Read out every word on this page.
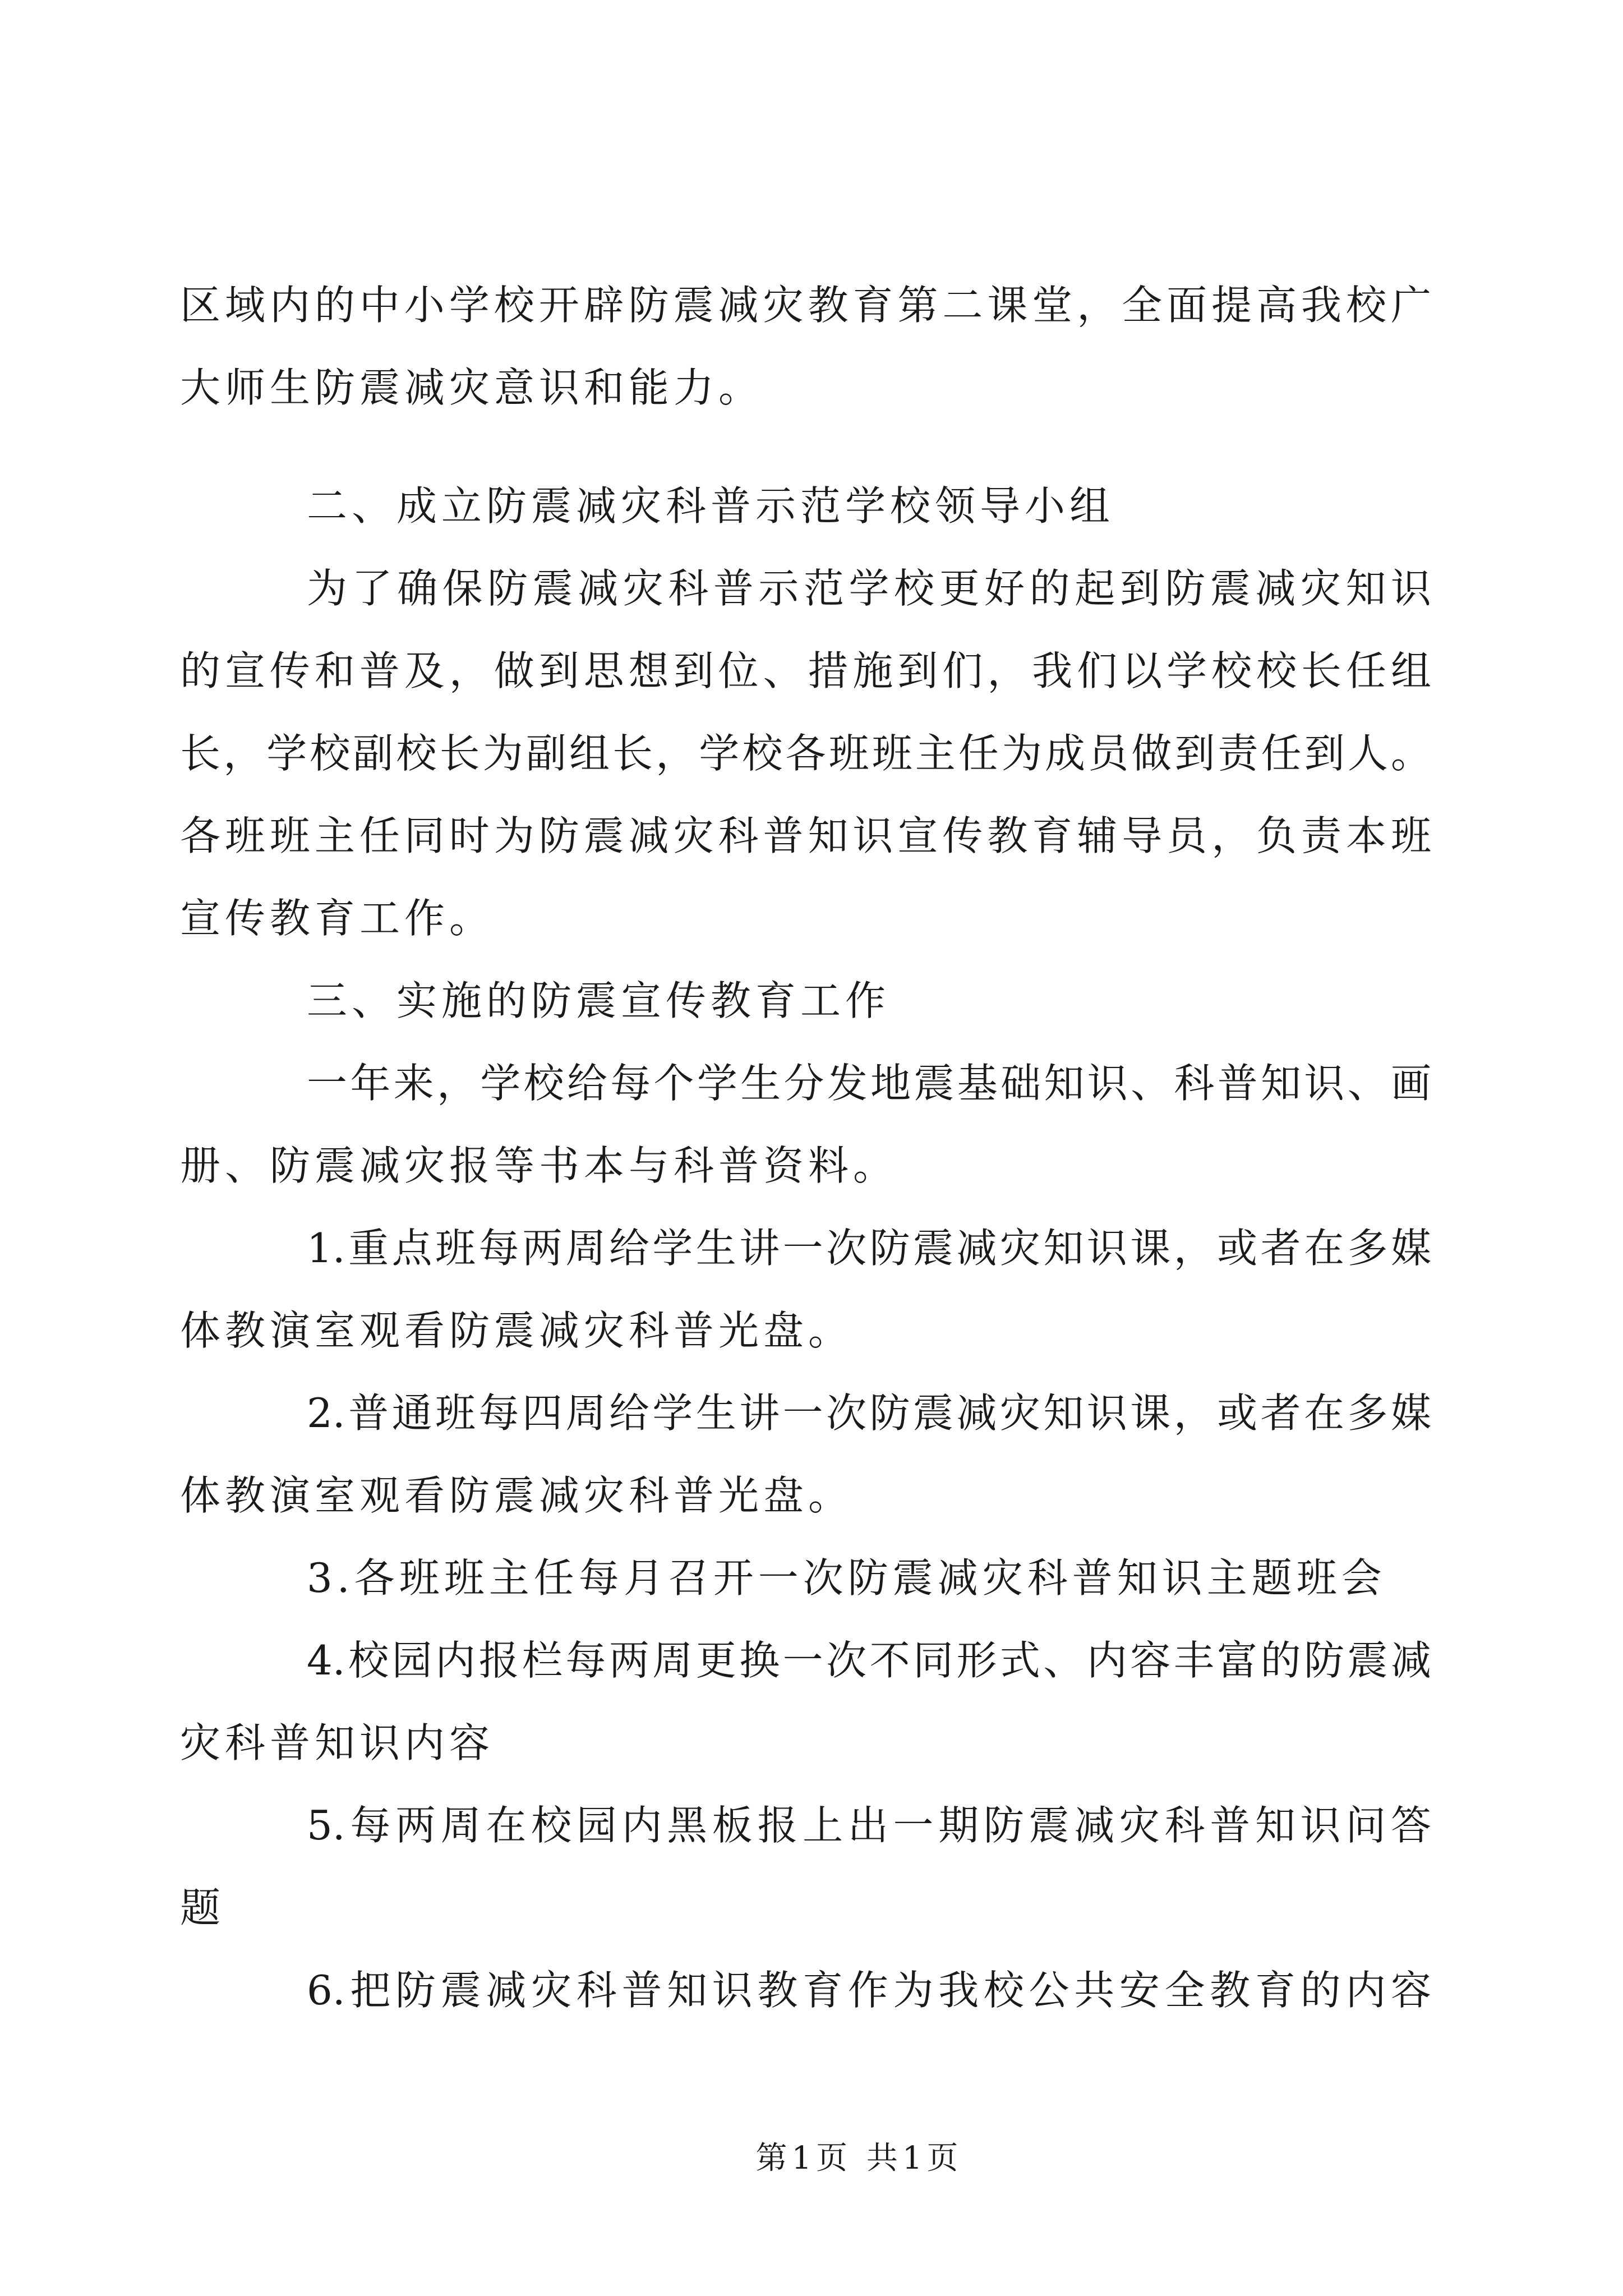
区域内的中小学校开辟防震减灾教育第二课堂，全面提高我校广
大师生防震减灾意识和能力。
二、成立防震减灾科普示范学校领导小组
为了确保防震减灾科普示范学校更好的起到防震减灾知识
的宣传和普及，做到思想到位、措施到们，我们以学校校长任组
长，学校副校长为副组长，学校各班班主任为成员做到责任到人。
各班班主任同时为防震减灾科普知识宣传教育辅导员，负责本班
宣传教育工作。
三、实施的防震宣传教育工作
一年来，学校给每个学生分发地震基础知识、科普知识、画
册、防震减灾报等书本与科普资料。
1.重点班每两周给学生讲一次防震减灾知识课，或者在多媒
体教演室观看防震减灾科普光盘。
2.普通班每四周给学生讲一次防震减灾知识课，或者在多媒
体教演室观看防震减灾科普光盘。
3.各班班主任每月召开一次防震减灾科普知识主题班会
4.校园内报栏每两周更换一次不同形式、内容丰富的防震减
灾科普知识内容
5.每两周在校园内黑板报上出一期防震减灾科普知识问答
题
6.把防震减灾科普知识教育作为我校公共安全教育的内容
第1页 共1页
